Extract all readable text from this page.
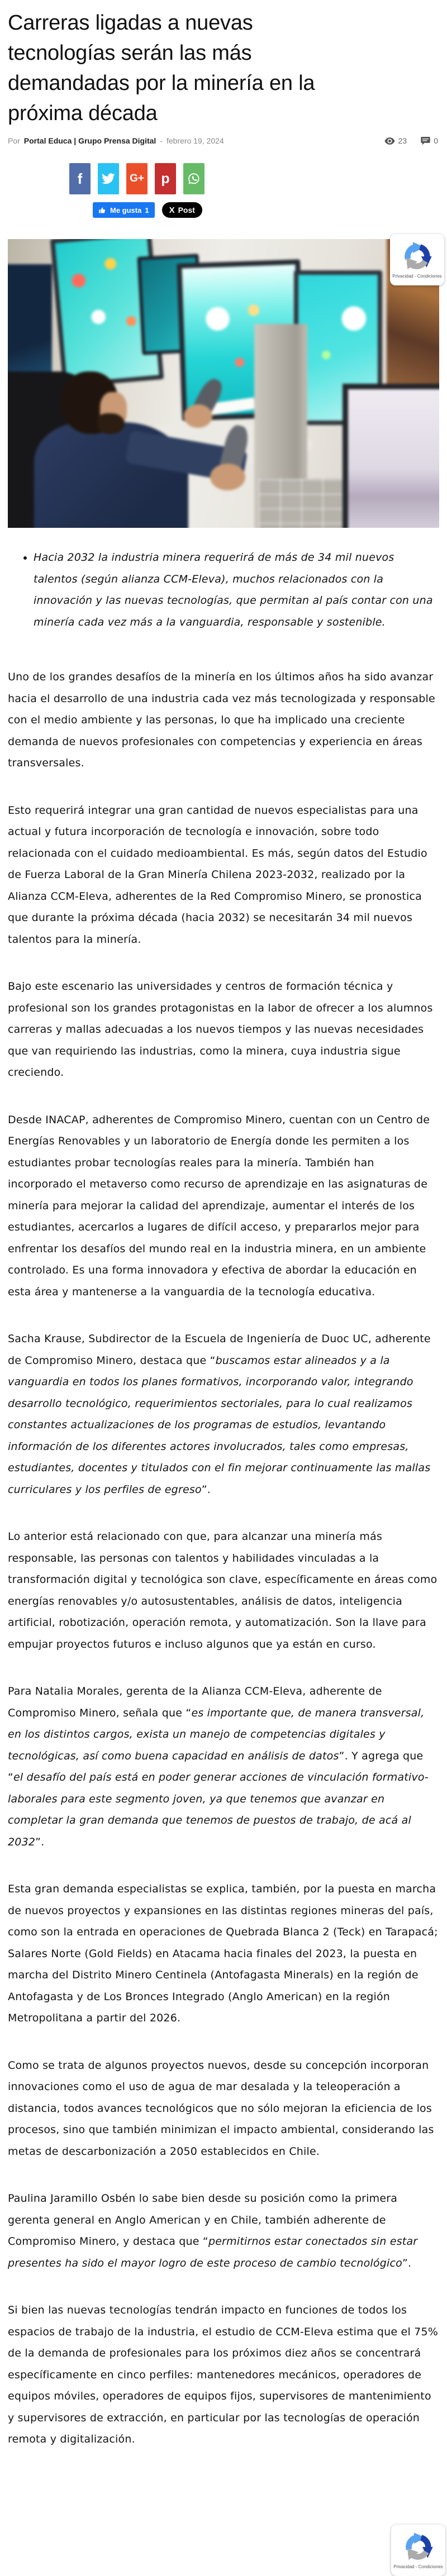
Carreras ligadas a nuevas
tecnologías serán las más
demandadas por la minería en la
próxima década
Por Portal Educa | Grupo Prensa Digital - febrero 19, 2024	23	0
f	G+ p
Me gusta 1 X Post
Privacidad - Condiciones
• Hacia 2032 la industria minera requerirá de más de 34 mil nuevos talentos (según alianza CCM-Eleva), muchos relacionados con la innovación y las nuevas tecnologías, que permitan al país contar con una minería cada vez más a la vanguardia, responsable y sostenible.

Uno de los grandes desafíos de la minería en los últimos años ha sido avanzar hacia el desarrollo de una industria cada vez más tecnologizada y responsable con el medio ambiente y las personas, lo que ha implicado una creciente demanda de nuevos profesionales con competencias y experiencia en áreas transversales.

Esto requerirá integrar una gran cantidad de nuevos especialistas para una actual y futura incorporación de tecnología e innovación, sobre todo relacionada con el cuidado medioambiental. Es más, según datos del Estudio de Fuerza Laboral de la Gran Minería Chilena 2023-2032, realizado por la Alianza CCM-Eleva, adherentes de la Red Compromiso Minero, se pronostica que durante la próxima década (hacia 2032) se necesitarán 34 mil nuevos talentos para la minería.

Bajo este escenario las universidades y centros de formación técnica y profesional son los grandes protagonistas en la labor de ofrecer a los alumnos carreras y mallas adecuadas a los nuevos tiempos y las nuevas necesidades que van requiriendo las industrias, como la minera, cuya industria sigue creciendo.

Desde INACAP, adherentes de Compromiso Minero, cuentan con un Centro de Energías Renovables y un laboratorio de Energía donde les permiten a los estudiantes probar tecnologías reales para la minería. También han incorporado el metaverso como recurso de aprendizaje en las asignaturas de minería para mejorar la calidad del aprendizaje, aumentar el interés de los estudiantes, acercarlos a lugares de difícil acceso, y prepararlos mejor para enfrentar los desafíos del mundo real en la industria minera, en un ambiente controlado. Es una forma innovadora y efectiva de abordar la educación en esta área y mantenerse a la vanguardia de la tecnología educativa.

Sacha Krause, Subdirector de la Escuela de Ingeniería de Duoc UC, adherente de Compromiso Minero, destaca que “buscamos estar alineados y a la vanguardia en todos los planes formativos, incorporando valor, integrando desarrollo tecnológico, requerimientos sectoriales, para lo cual realizamos constantes actualizaciones de los programas de estudios, levantando información de los diferentes actores involucrados, tales como empresas, estudiantes, docentes y titulados con el fin mejorar continuamente las mallas curriculares y los perfiles de egreso”.

Lo anterior está relacionado con que, para alcanzar una minería más responsable, las personas con talentos y habilidades vinculadas a la transformación digital y tecnológica son clave, específicamente en áreas como energías renovables y/o autosustentables, análisis de datos, inteligencia artificial, robotización, operación remota, y automatización. Son la llave para empujar proyectos futuros e incluso algunos que ya están en curso.

Para Natalia Morales, gerenta de la Alianza CCM-Eleva, adherente de Compromiso Minero, señala que “es importante que, de manera transversal, en los distintos cargos, exista un manejo de competencias digitales y tecnológicas, así como buena capacidad en análisis de datos”. Y agrega que “el desafío del país está en poder generar acciones de vinculación formativo-laborales para este segmento joven, ya que tenemos que avanzar en completar la gran demanda que tenemos de puestos de trabajo, de acá al 2032”.

Esta gran demanda especialistas se explica, también, por la puesta en marcha de nuevos proyectos y expansiones en las distintas regiones mineras del país, como son la entrada en operaciones de Quebrada Blanca 2 (Teck) en Tarapacá; Salares Norte (Gold Fields) en Atacama hacia finales del 2023, la puesta en marcha del Distrito Minero Centinela (Antofagasta Minerals) en la región de Antofagasta y de Los Bronces Integrado (Anglo American) en la región Metropolitana a partir del 2026.

Como se trata de algunos proyectos nuevos, desde su concepción incorporan innovaciones como el uso de agua de mar desalada y la teleoperación a distancia, todos avances tecnológicos que no sólo mejoran la eficiencia de los procesos, sino que también minimizan el impacto ambiental, considerando las metas de descarbonización a 2050 establecidos en Chile.

Paulina Jaramillo Osbén lo sabe bien desde su posición como la primera gerenta general en Anglo American y en Chile, también adherente de Compromiso Minero, y destaca que “permitirnos estar conectados sin estar presentes ha sido el mayor logro de este proceso de cambio tecnológico”.

Si bien las nuevas tecnologías tendrán impacto en funciones de todos los espacios de trabajo de la industria, el estudio de CCM-Eleva estima que el 75% de la demanda de profesionales para los próximos diez años se concentrará específicamente en cinco perfiles: mantenedores mecánicos, operadores de equipos móviles, operadores de equipos fijos, supervisores de mantenimiento y supervisores de extracción, en particular por las tecnologías de operación remota y digitalización.

Privacidad - Condiciones
